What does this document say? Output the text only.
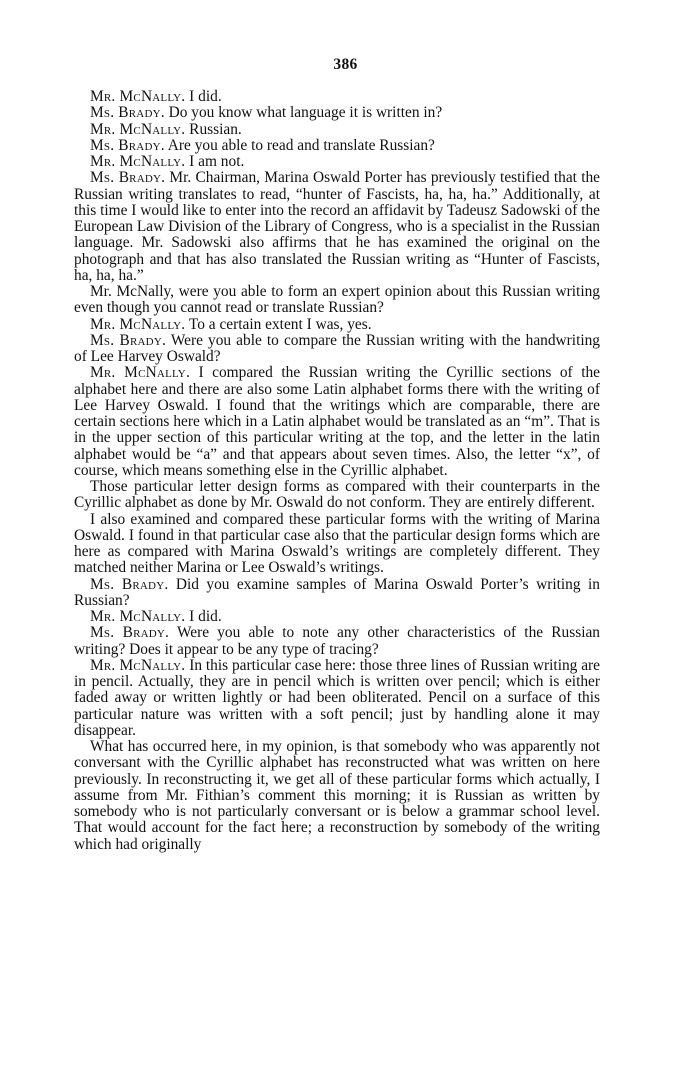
386

Mr. McNally. I did.

Ms. Brady. Do you know what language it is written in?

Mr. McNally. Russian.

Ms. Brady. Are you able to read and translate Russian?

Mr. McNally. I am not.

Ms. Brady. Mr. Chairman, Marina Oswald Porter has previously testified that the Russian writing translates to read, “hunter of Fascists, ha, ha, ha.” Additionally, at this time I would like to enter into the record an affidavit by Tadeusz Sadowski of the European Law Division of the Library of Congress, who is a specialist in the Russian language. Mr. Sadowski also affirms that he has examined the original on the photograph and that has also translated the Russian writing as “Hunter of Fascists, ha, ha, ha.”

Mr. McNally, were you able to form an expert opinion about this Russian writing even though you cannot read or translate Russian?

Mr. McNally. To a certain extent I was, yes.

Ms. Brady. Were you able to compare the Russian writing with the handwriting of Lee Harvey Oswald?

Mr. McNally. I compared the Russian writing the Cyrillic sections of the alphabet here and there are also some Latin alphabet forms there with the writing of Lee Harvey Oswald. I found that the writings which are comparable, there are certain sections here which in a Latin alphabet would be translated as an “m”. That is in the upper section of this particular writing at the top, and the letter in the latin alphabet would be “a” and that appears about seven times. Also, the letter “x”, of course, which means something else in the Cyrillic alphabet.

Those particular letter design forms as compared with their counterparts in the Cyrillic alphabet as done by Mr. Oswald do not conform. They are entirely different.

I also examined and compared these particular forms with the writing of Marina Oswald. I found in that particular case also that the particular design forms which are here as compared with Marina Oswald’s writings are completely different. They matched neither Marina or Lee Oswald’s writings.

Ms. Brady. Did you examine samples of Marina Oswald Porter’s writing in Russian?

Mr. McNally. I did.

Ms. Brady. Were you able to note any other characteristics of the Russian writing? Does it appear to be any type of tracing?

Mr. McNally. In this particular case here: those three lines of Russian writing are in pencil. Actually, they are in pencil which is written over pencil; which is either faded away or written lightly or had been obliterated. Pencil on a surface of this particular nature was written with a soft pencil; just by handling alone it may disappear.

What has occurred here, in my opinion, is that somebody who was apparently not conversant with the Cyrillic alphabet has reconstructed what was written on here previously. In reconstructing it, we get all of these particular forms which actually, I assume from Mr. Fithian’s comment this morning; it is Russian as written by somebody who is not particularly conversant or is below a grammar school level. That would account for the fact here; a reconstruction by somebody of the writing which had originally
